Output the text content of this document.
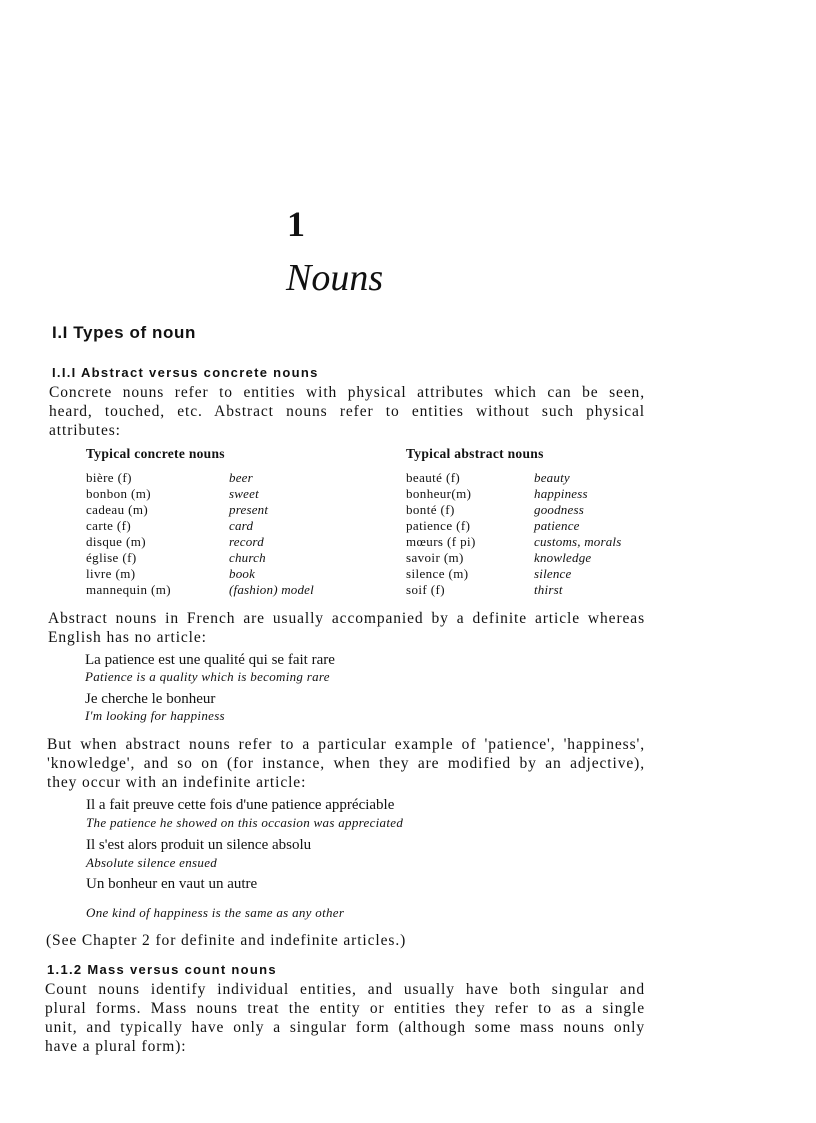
1
Nouns
I.I Types of noun
I.I.I Abstract versus concrete nouns
Concrete nouns refer to entities with physical attributes which can be seen,
heard, touched, etc. Abstract nouns refer to entities without such physical
attributes:
Typical concrete nouns	Typical abstract nouns
bière (f)
bonbon (m)
cadeau (m)
carte (f)
disque (m)
église (f)
livre (m)
mannequin (m)
beer
sweet
present
card
record
church
book
(fashion) model
beauté (f)
bonheur(m)
bonté (f)
patience (f)
mœurs (f pi)
savoir (m)
silence (m)
soif (f)
beauty
happiness
goodness
patience
customs, morals
knowledge
silence
thirst
Abstract nouns in French are usually accompanied by a definite article whereas
English has no article:
La patience est une qualité qui se fait rare
Patience is a quality which is becoming rare
Je cherche le bonheur
I'm looking for happiness
But when abstract nouns refer to a particular example of 'patience', 'happiness',
'knowledge', and so on (for instance, when they are modified by an adjective),
they occur with an indefinite article:
Il a fait preuve cette fois d'une patience appréciable
The patience he showed on this occasion was appreciated
Il s'est alors produit un silence absolu
Absolute silence ensued
Un bonheur en vaut un autre
One kind of happiness is the same as any other
(See Chapter 2 for definite and indefinite articles.)
1.1.2 Mass versus count nouns
Count nouns identify individual entities, and usually have both singular and
plural forms. Mass nouns treat the entity or entities they refer to as a single
unit, and typically have only a singular form (although some mass nouns only
have a plural form):
